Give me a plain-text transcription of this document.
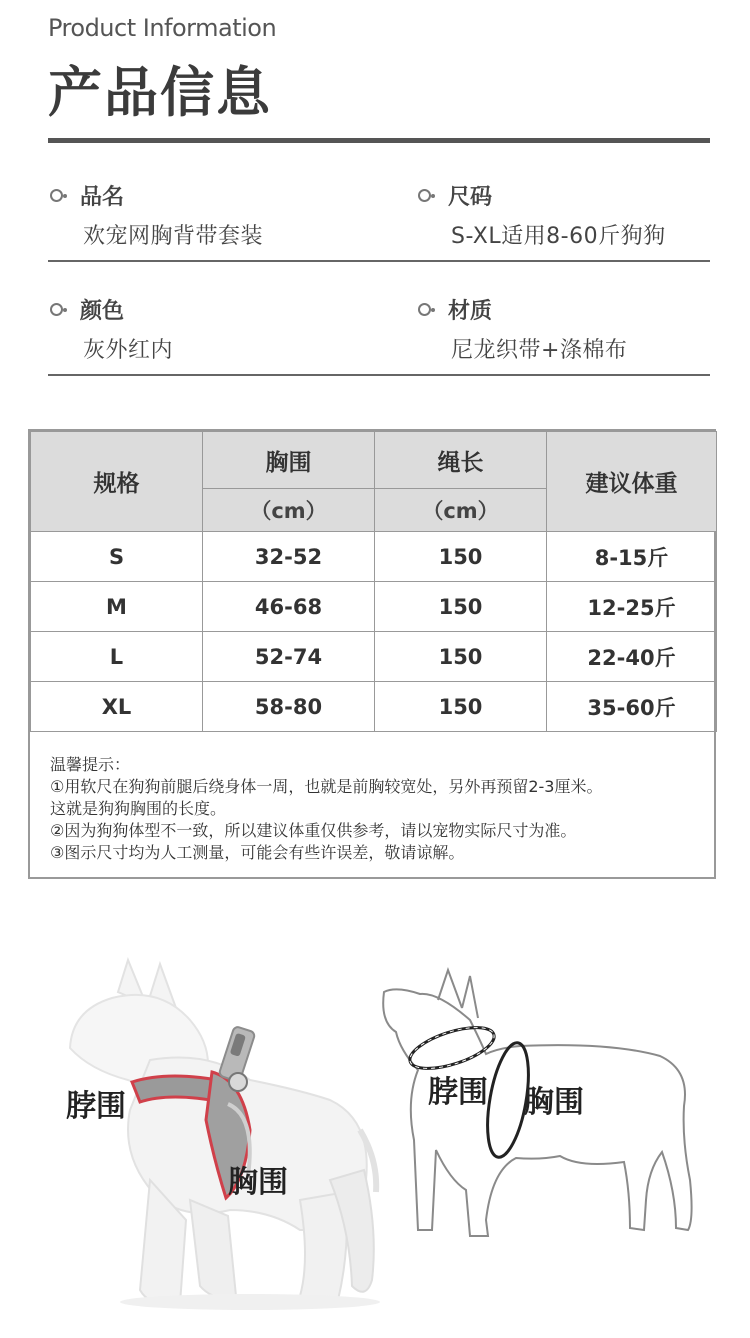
Product Information
产品信息
品名
欢宠网胸背带套装
尺码
S-XL适用8-60斤狗狗
颜色
灰外红内
材质
尼龙织带+涤棉布
规格	胸围	绳长	建议体重
	（cm）	（cm）	
S	32-52	150	8-15斤
M	46-68	150	12-25斤
L	52-74	150	22-40斤
XL	58-80	150	35-60斤
温馨提示：
①用软尺在狗狗前腿后绕身体一周，也就是前胸较宽处，另外再预留2-3厘米。
这就是狗狗胸围的长度。
②因为狗狗体型不一致，所以建议体重仅供参考，请以宠物实际尺寸为准。
③图示尺寸均为人工测量，可能会有些许误差，敬请谅解。
脖围
胸围
脖围 胸围
